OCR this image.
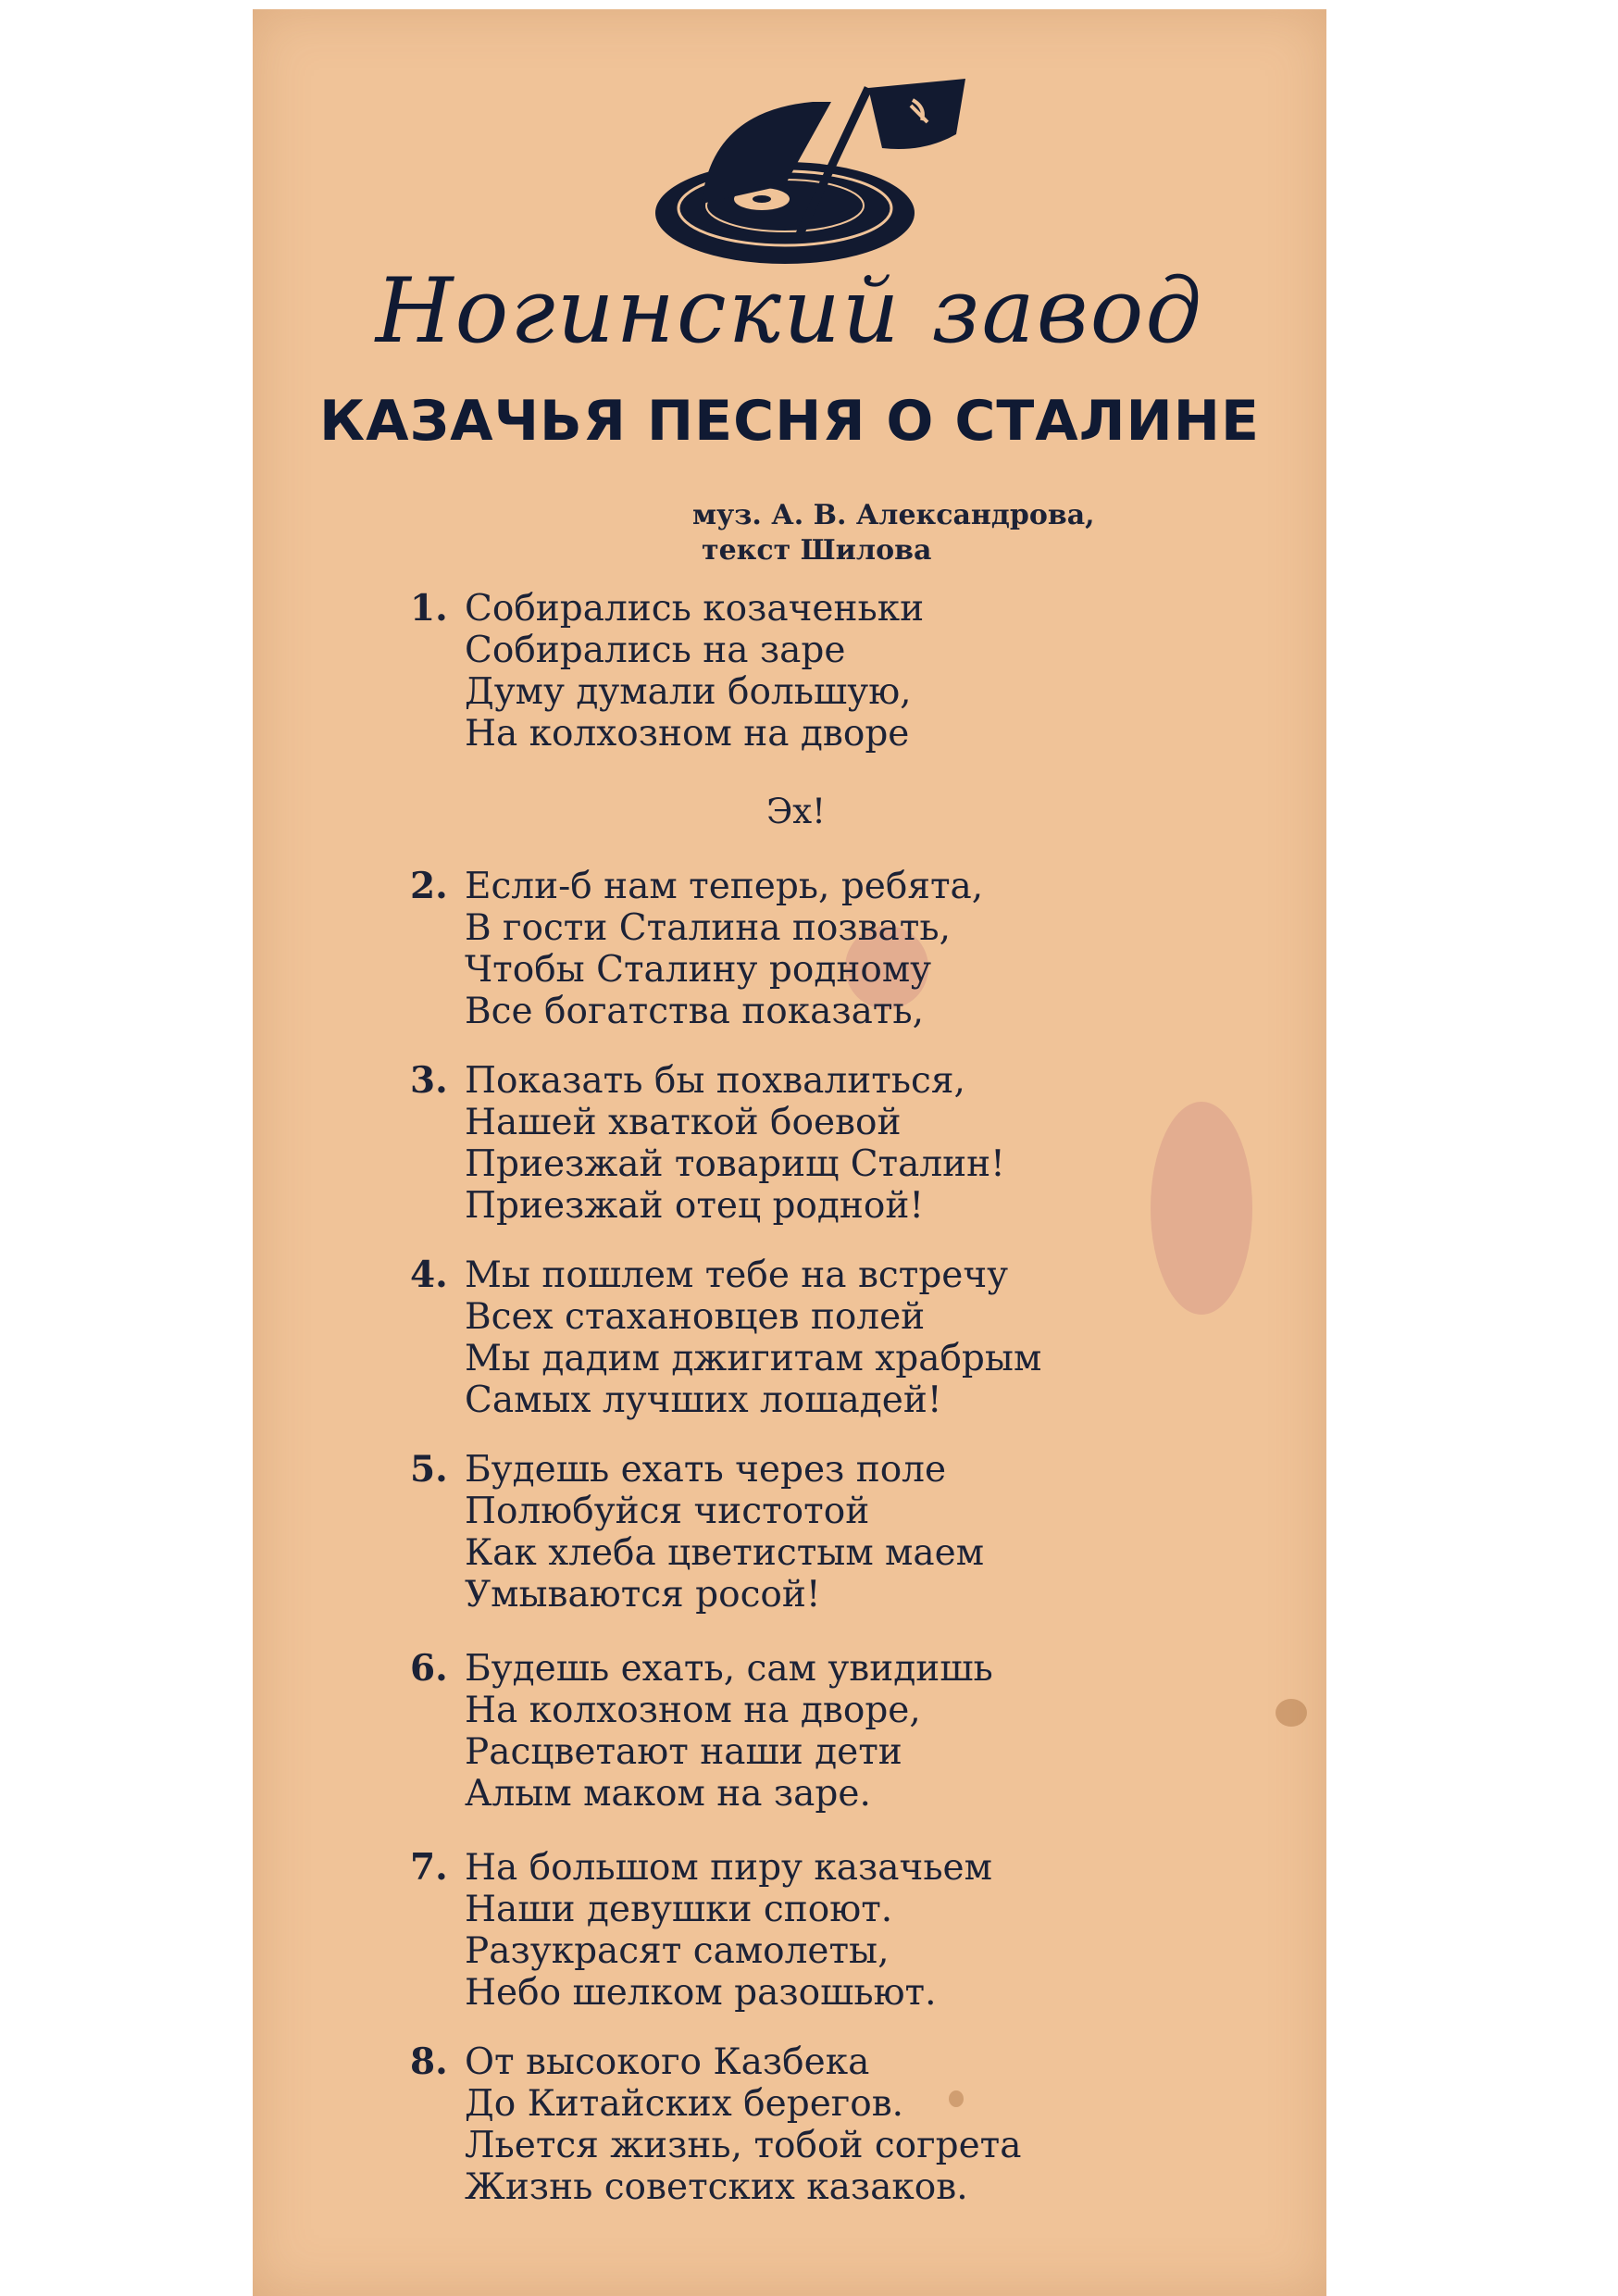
Ногинский завод
КАЗАЧЬЯ ПЕСНЯ О СТАЛИНЕ
муз. А. В. Александрова,
текст Шилова
1. Собирались козаченьки
Собирались на заре
Думу думали большую,
На колхозном на дворе
Эх!
2. Если-б нам теперь, ребята,
В гости Сталина позвать,
Чтобы Сталину родному
Все богатства показать,
3. Показать бы похвалиться,
Нашей хваткой боевой
Приезжай товарищ Сталин!
Приезжай отец родной!
4. Мы пошлем тебе на встречу
Всех стахановцев полей
Мы дадим джигитам храбрым
Самых лучших лошадей!
5. Будешь ехать через поле
Полюбуйся чистотой
Как хлеба цветистым маем
Умываются росой!
6. Будешь ехать, сам увидишь
На колхозном на дворе,
Расцветают наши дети
Алым маком на заре.
7. На большом пиру казачьем
Наши девушки споют.
Разукрасят самолеты,
Небо шелком разошьют.
8. От высокого Казбека
До Китайских берегов.
Льется жизнь, тобой согрета
Жизнь советских казаков.
